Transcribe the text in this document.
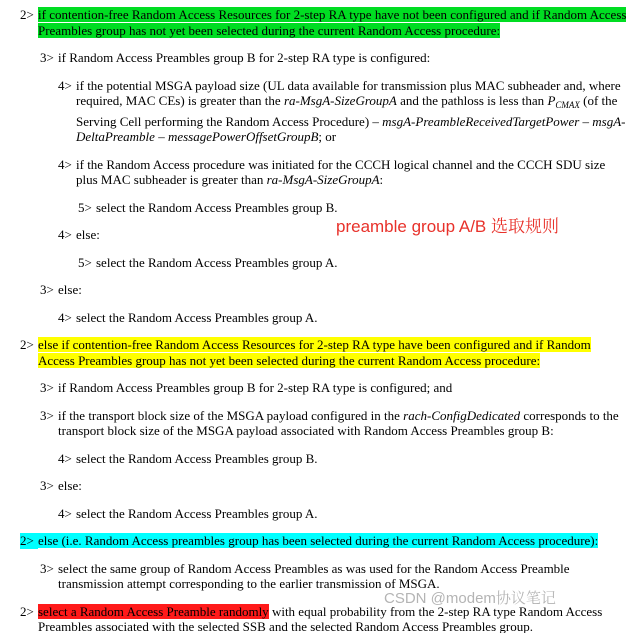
2> if contention-free Random Access Resources for 2-step RA type have not been configured and if Random Access Preambles group has not yet been selected during the current Random Access procedure:
3> if Random Access Preambles group B for 2-step RA type is configured:
4> if the potential MSGA payload size (UL data available for transmission plus MAC subheader and, where required, MAC CEs) is greater than the ra-MsgA-SizeGroupA and the pathloss is less than $P_{CMAX}$ (of the Serving Cell performing the Random Access Procedure) – msgA-PreambleReceivedTargetPower – msgA-DeltaPreamble – messagePowerOffsetGroupB; or
4> if the Random Access procedure was initiated for the CCCH logical channel and the CCCH SDU size plus MAC subheader is greater than ra-MsgA-SizeGroupA:
5> select the Random Access Preambles group B.
4> else:
5> select the Random Access Preambles group A.
3> else:
4> select the Random Access Preambles group A.
2> else if contention-free Random Access Resources for 2-step RA type have been configured and if Random Access Preambles group has not yet been selected during the current Random Access procedure:
3> if Random Access Preambles group B for 2-step RA type is configured; and
3> if the transport block size of the MSGA payload configured in the rach-ConfigDedicated corresponds to the transport block size of the MSGA payload associated with Random Access Preambles group B:
4> select the Random Access Preambles group B.
3> else:
4> select the Random Access Preambles group A.
2> else (i.e. Random Access preambles group has been selected during the current Random Access procedure):
3> select the same group of Random Access Preambles as was used for the Random Access Preamble transmission attempt corresponding to the earlier transmission of MSGA.
2> select a Random Access Preamble randomly with equal probability from the 2-step RA type Random Access Preambles associated with the selected SSB and the selected Random Access Preambles group.
preamble group A/B 选取规则
CSDN @modem协议笔记
